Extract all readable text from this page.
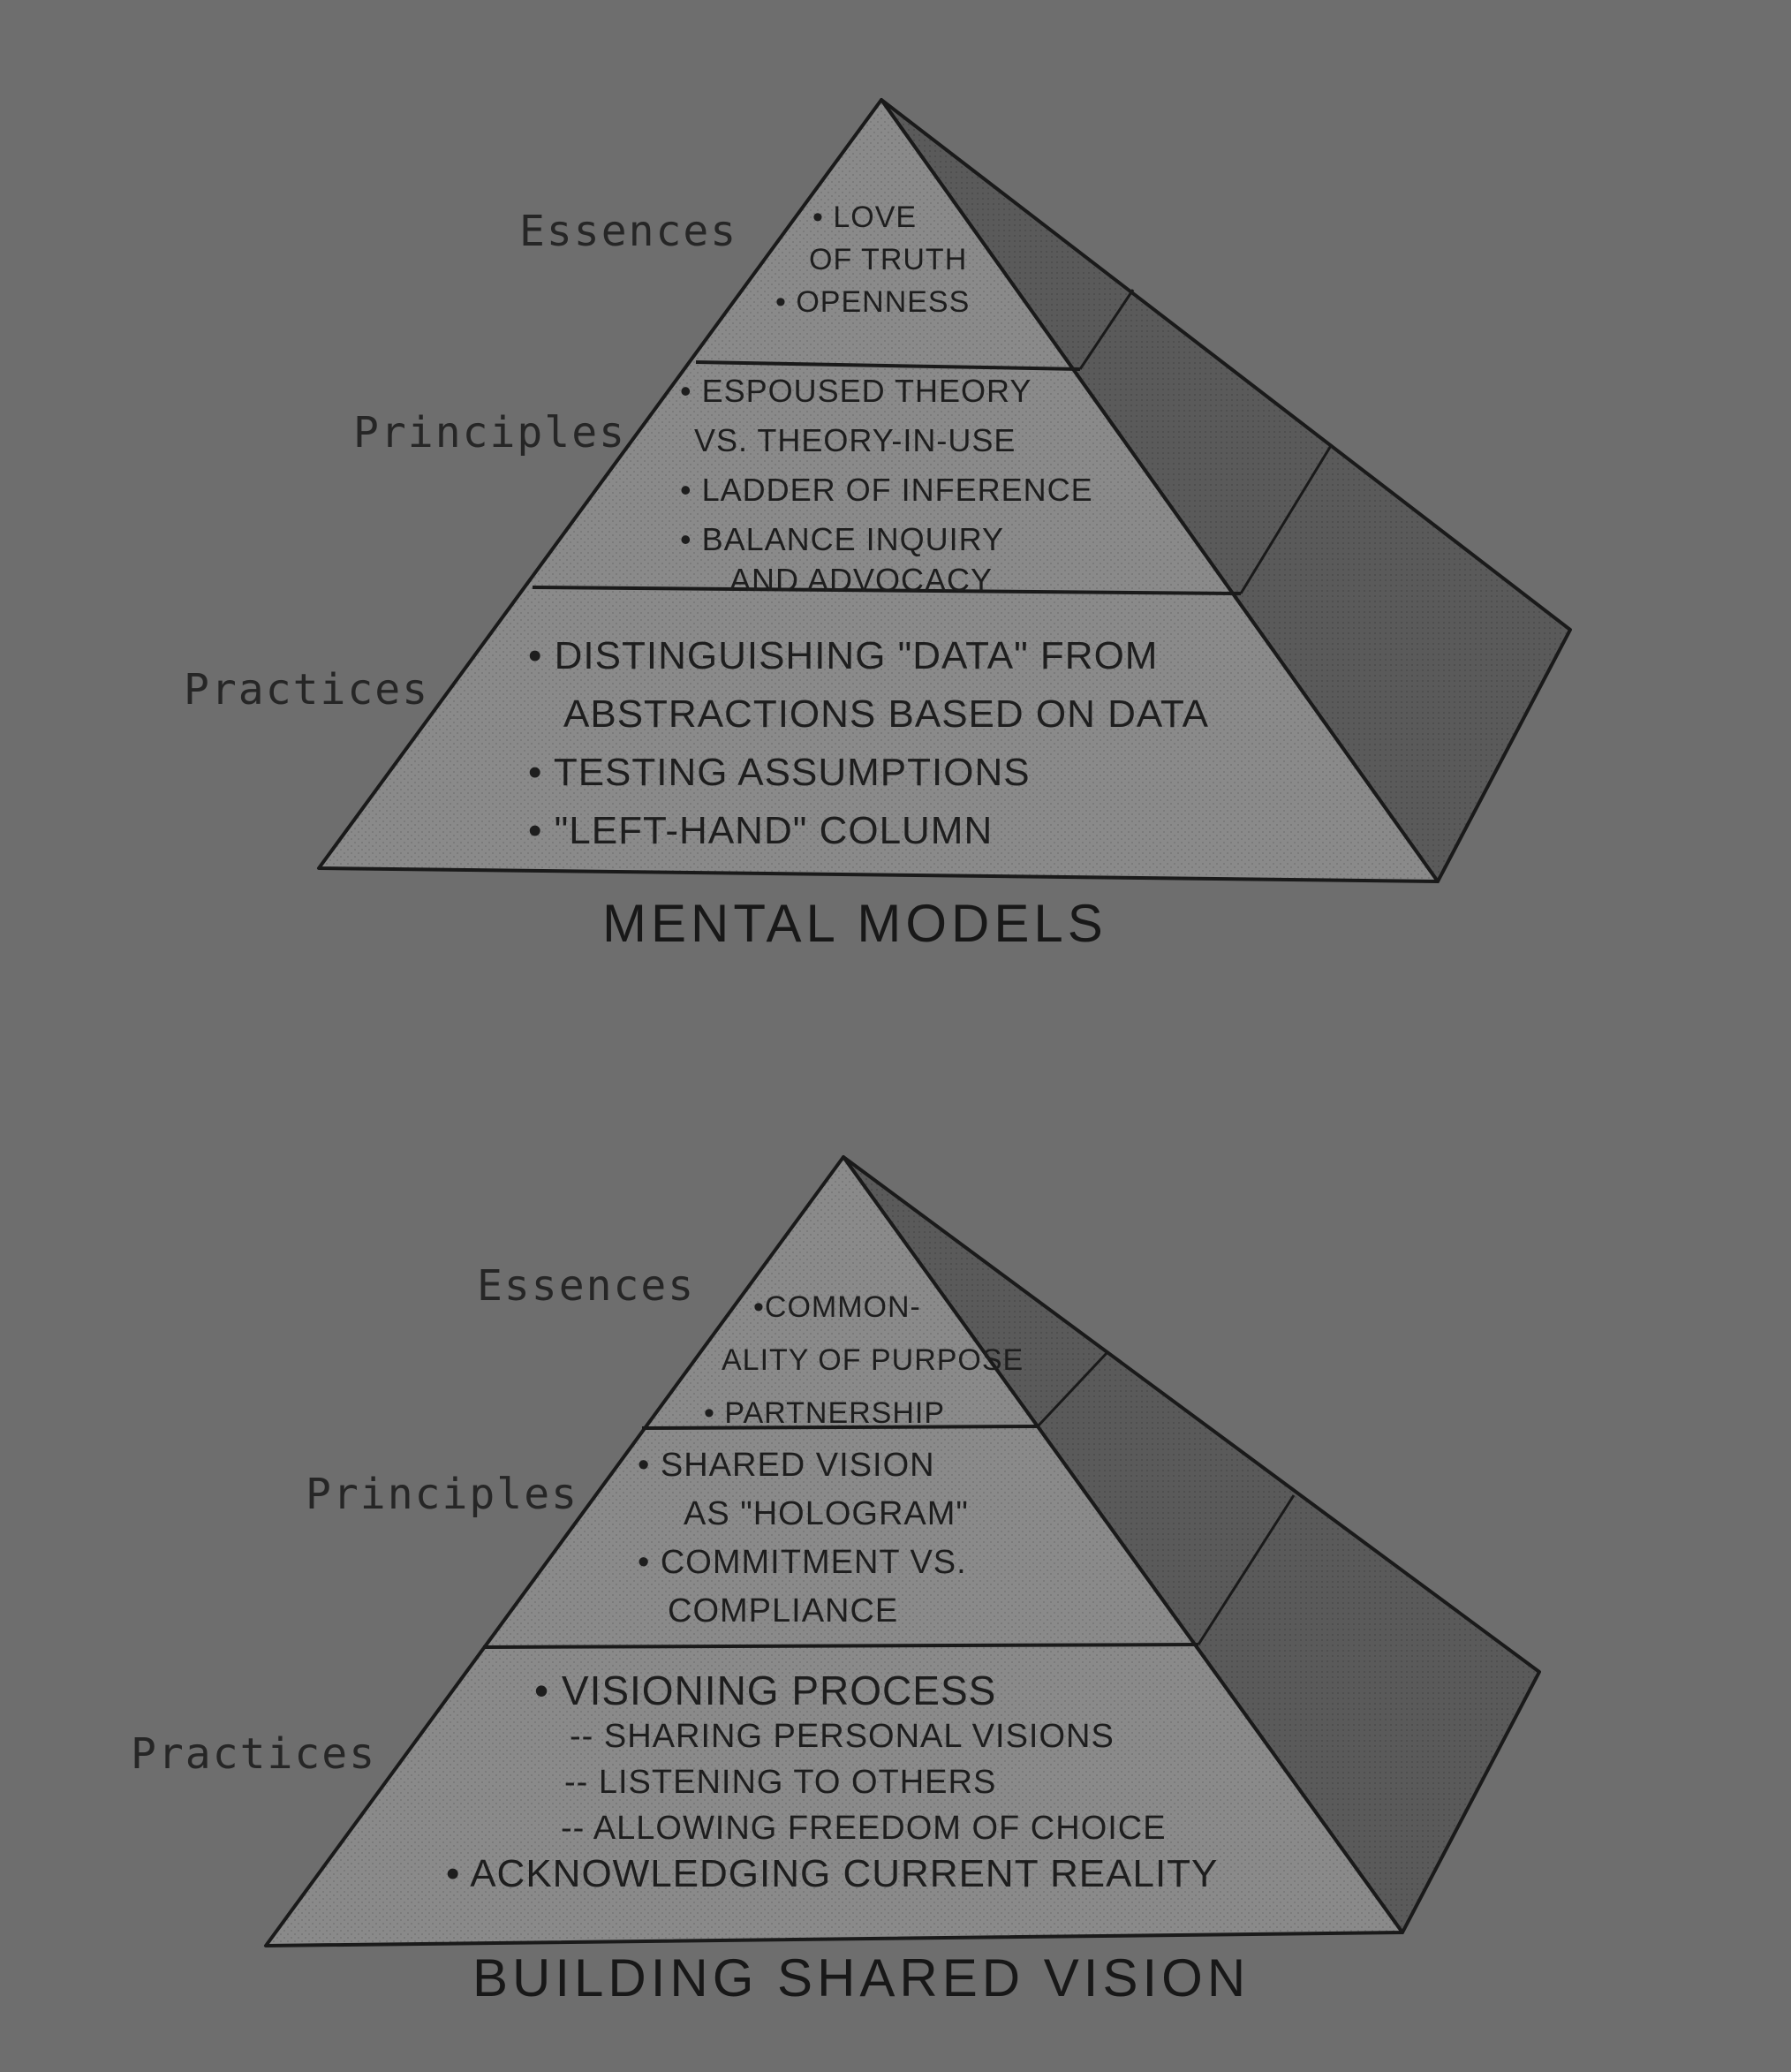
Essences

Principles

Practices

• LOVE
OF TRUTH
• OPENNESS
• ESPOUSED THEORY
VS. THEORY-IN-USE
• LADDER OF INFERENCE
• BALANCE INQUIRY
AND ADVOCACY
• DISTINGUISHING "DATA" FROM
ABSTRACTIONS BASED ON DATA
• TESTING ASSUMPTIONS
• "LEFT-HAND" COLUMN

MENTAL MODELS

Essences

Principles

Practices

•COMMON-
ALITY OF PURPOSE
• PARTNERSHIP
• SHARED VISION
AS "HOLOGRAM"
• COMMITMENT VS.
COMPLIANCE
• VISIONING PROCESS
-- SHARING PERSONAL VISIONS
-- LISTENING TO OTHERS
-- ALLOWING FREEDOM OF CHOICE
• ACKNOWLEDGING CURRENT REALITY

BUILDING SHARED VISION
